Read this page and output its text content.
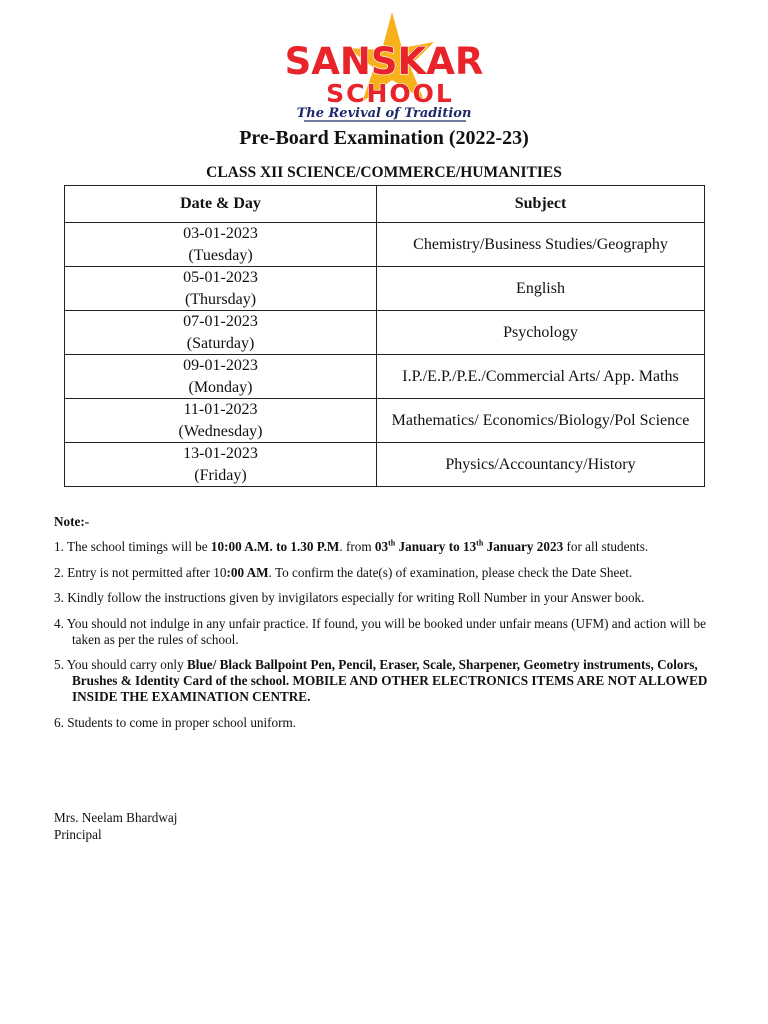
SANSKAR
SCHOOL
The Revival of Tradition
Pre-Board Examination (2022-23)
CLASS XII SCIENCE/COMMERCE/HUMANITIES
Date & Day	Subject
03-01-2023
(Tuesday)	Chemistry/Business Studies/Geography
05-01-2023
(Thursday)	English
07-01-2023
(Saturday)	Psychology
09-01-2023
(Monday)	I.P./E.P./P.E./Commercial Arts/ App. Maths
11-01-2023
(Wednesday)	Mathematics/ Economics/Biology/Pol Science
13-01-2023
(Friday)	Physics/Accountancy/History
Note:-
1. The school timings will be 10:00 A.M. to 1.30 P.M. from 03th January to 13th January 2023 for all students.
2. Entry is not permitted after 10:00 AM. To confirm the date(s) of examination, please check the Date Sheet.
3. Kindly follow the instructions given by invigilators especially for writing Roll Number in your Answer book.
4. You should not indulge in any unfair practice. If found, you will be booked under unfair means (UFM) and action will be taken as per the rules of school.
5. You should carry only Blue/ Black Ballpoint Pen, Pencil, Eraser, Scale, Sharpener, Geometry instruments, Colors, Brushes & Identity Card of the school. MOBILE AND OTHER ELECTRONICS ITEMS ARE NOT ALLOWED INSIDE THE EXAMINATION CENTRE.
6. Students to come in proper school uniform.
Mrs. Neelam Bhardwaj
Principal
